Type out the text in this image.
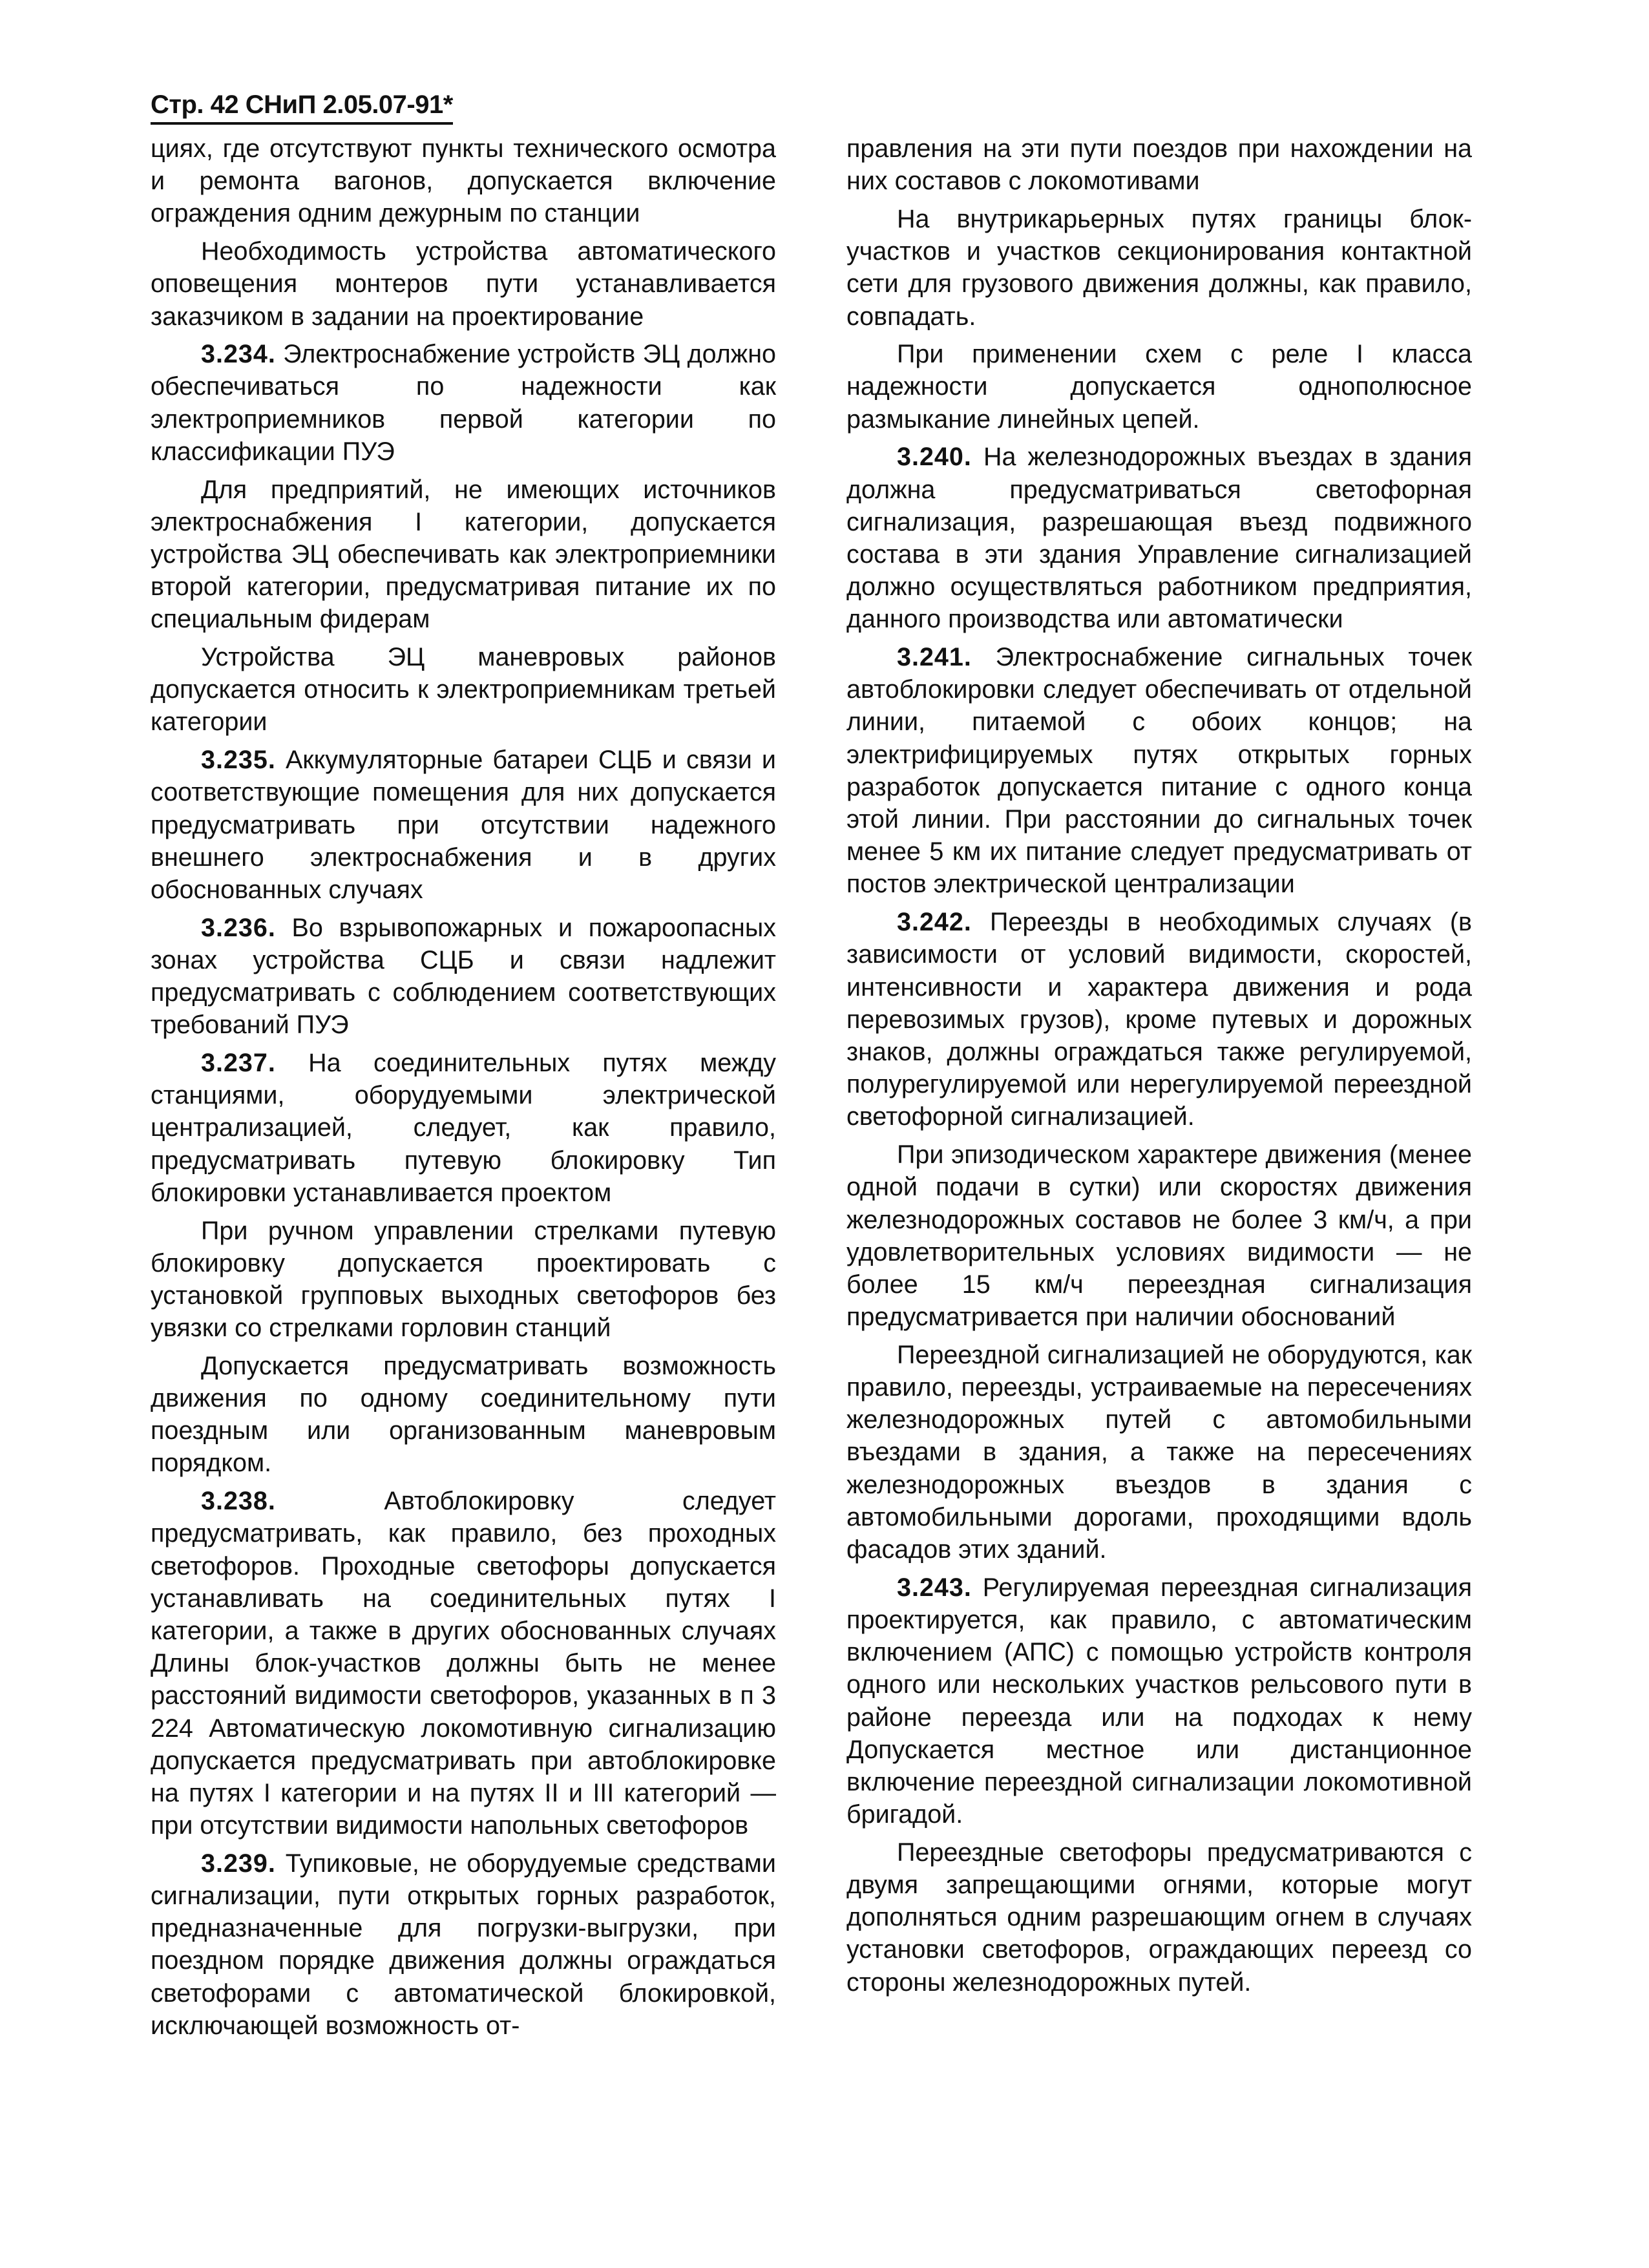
Стр. 42 СНиП 2.05.07-91*

циях, где отсутствуют пункты технического осмотра и ремонта вагонов, допускается включение ограждения одним дежурным по станции

Необходимость устройства автоматического оповещения монтеров пути устанавливается заказчиком в задании на проектирование

3.234. Электроснабжение устройств ЭЦ должно обеспечиваться по надежности как электроприемников первой категории по классификации ПУЭ

Для предприятий, не имеющих источников электроснабжения I категории, допускается устройства ЭЦ обеспечивать как электроприемники второй категории, предусматривая питание их по специальным фидерам

Устройства ЭЦ маневровых районов допускается относить к электроприемникам третьей категории

3.235. Аккумуляторные батареи СЦБ и связи и соответствующие помещения для них допускается предусматривать при отсутствии надежного внешнего электроснабжения и в других обоснованных случаях

3.236. Во взрывопожарных и пожароопасных зонах устройства СЦБ и связи надлежит предусматривать с соблюдением соответствующих требований ПУЭ

3.237. На соединительных путях между станциями, оборудуемыми электрической централизацией, следует, как правило, предусматривать путевую блокировку Тип блокировки устанавливается проектом

При ручном управлении стрелками путевую блокировку допускается проектировать с установкой групповых выходных светофоров без увязки со стрелками горловин станций

Допускается предусматривать возможность движения по одному соединительному пути поездным или организованным маневровым порядком.

3.238.	Автоблокировку следует предусматривать, как правило, без проходных светофоров. Проходные светофоры допускается устанавливать на соединительных путях I категории, а также в других обоснованных случаях Длины блок-участков должны быть не менее расстояний видимости светофоров, указанных в п 3 224 Автоматическую локомотивную сигнализацию допускается предусматривать при автоблокировке на путях I категории и на путях II и III категорий — при отсутствии видимости напольных светофоров

3.239. Тупиковые, не оборудуемые средствами сигнализации, пути открытых горных разработок, предназначенные для погрузки-выгрузки, при поездном порядке движения должны ограждаться светофорами с автоматической блокировкой, исключающей возможность от-

правления на эти пути поездов при нахождении на них составов с локомотивами

На внутрикарьерных путях границы блок-участков и участков секционирования контактной сети для грузового движения должны, как правило, совпадать.

При применении схем с реле I класса надежности допускается однополюсное размыкание линейных цепей.

3.240. На железнодорожных въездах в здания должна предусматриваться светофорная сигнализация, разрешающая въезд подвижного состава в эти здания Управление сигнализацией должно осуществляться работником предприятия, данного производства или автоматически

3.241. Электроснабжение сигнальных точек автоблокировки следует обеспечивать от отдельной линии, питаемой с обоих концов; на электрифицируемых путях открытых горных разработок допускается питание с одного конца этой линии. При расстоянии до сигнальных точек менее 5 км их питание следует предусматривать от постов электрической централизации

3.242. Переезды в необходимых случаях (в зависимости от условий видимости, скоростей, интенсивности и характера движения и рода перевозимых грузов), кроме путевых и дорожных знаков, должны ограждаться также регулируемой, полурегулируемой или нерегулируемой переездной светофорной сигнализацией.

При эпизодическом характере движения (менее одной подачи в сутки) или скоростях движения железнодорожных составов не более 3 км/ч, а при удовлетворительных условиях видимости — не более 15 км/ч переездная сигнализация предусматривается при наличии обоснований

Переездной сигнализацией не оборудуются, как правило, переезды, устраиваемые на пересечениях железнодорожных путей с автомобильными въездами в здания, а также на пересечениях железнодорожных въездов в здания с автомобильными дорогами, проходящими вдоль фасадов этих зданий.

3.243. Регулируемая переездная сигнализация проектируется, как правило, с автоматическим включением (АПС) с помощью устройств контроля одного или нескольких участков рельсового пути в районе переезда или на подходах к нему Допускается местное или дистанционное включение переездной сигнализации локомотивной бригадой.

Переездные светофоры предусматриваются с двумя запрещающими огнями, которые могут дополняться одним разрешающим огнем в случаях установки светофоров, ограждающих переезд со стороны железнодорожных путей.
